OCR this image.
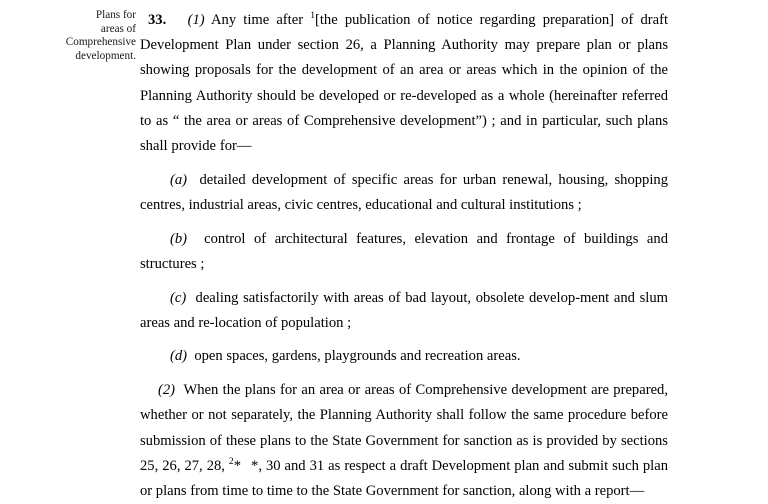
Plans for
areas of
Comprehensive
development.

33. (1) Any time after $^1$[the publication of notice regarding preparation] of draft Development Plan under section 26, a Planning Authority may prepare plan or plans showing proposals for the development of an area or areas which in the opinion of the Planning Authority should be developed or re-developed as a whole (hereinafter referred to as “ the area or areas of Comprehensive development”) ; and in particular, such plans shall provide for—

(a) detailed development of specific areas for urban renewal, housing, shopping centres, industrial areas, civic centres, educational and cultural institutions ;

(b) control of architectural features, elevation and frontage of buildings and structures ;

(c) dealing satisfactorily with areas of bad layout, obsolete develop-ment and slum areas and re-location of population ;

(d) open spaces, gardens, playgrounds and recreation areas.

(2) When the plans for an area or areas of Comprehensive development are prepared, whether or not separately, the Planning Authority shall follow the same procedure before submission of these plans to the State Government for sanction as is provided by sections 25, 26, 27, 28, $^2$* *, 30 and 31 as respect a draft Development plan and submit such plan or plans from time to time to the State Government for sanction, along with a report—
